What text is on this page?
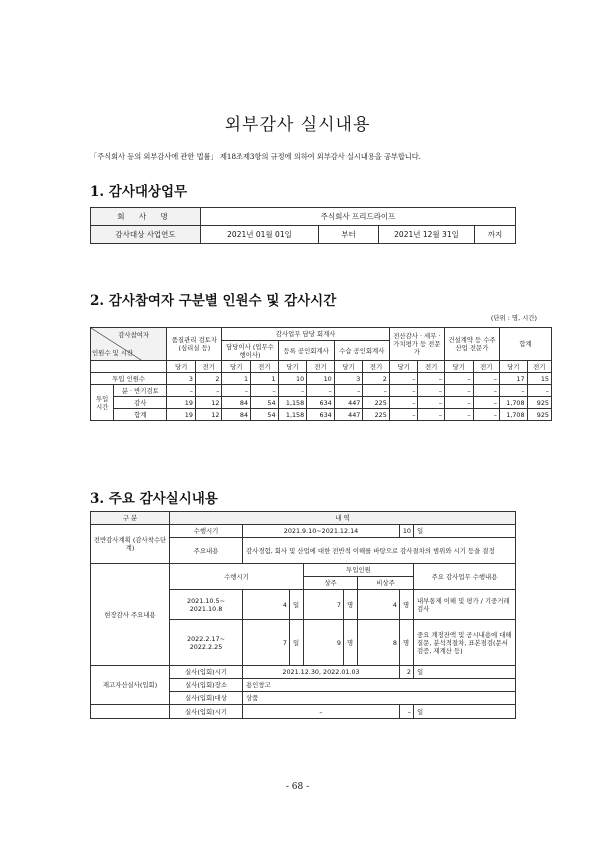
외부감사 실시내용
「주식회사 등의 외부감사에 관한 법률」 제18조제3항의 규정에 의하여 외부감사 실시내용을 공부합니다.
1. 감사대상업무
회 사 명	주식회사 프리드라이프			
감사대상 사업연도	2021년 01월 01일	부터	2021년 12월 31일	까지
2. 감사참여자 구분별 인원수 및 감사시간
(단위 : 명, 시간)
감사참여자
인원수 및 시간		품질관리 검토자 (심리실 등)		감사업무 담당 회계사						전산감사 · 세무 · 가치평가 등 전문가		건설계약 등 수주산업 전문가		합계	
				담당이사 (업무수행이사)		등록 공인회계사		수습 공인회계사							

		당기	전기	당기	전기	당기	전기	당기	전기	당기	전기	당기	전기	당기	전기
투입 인원수		3	2	1	1	10	10	3	2	–	–	–	–	17	15
투입 시간	분 · 반기검토	–	–	–	–	–	–	–	–	–	–	–	–	–	–
	감사	19	12	84	54	1,158	634	447	225	–	–	–	–	1,708	925
	합계	19	12	84	54	1,158	634	447	225	–	–	–	–	1,708	925
3. 주요 감사실시내용
구 분	내 역							
전반감사계획 (감사착수단계)	수행시기	2021.9.10~2021.12.14					10	일
	주요내용	감사경험, 회사 및 산업에 대한 전반적 이해를 바탕으로 감사절차의 범위와 시기 등을 결정						
현장감사 주요내용	수행시기			투입인원				주요 감사업무 수행내용
				상주		비상주		
	2021.10.5~ 2021.10.8	4	일	7	명	4	명	내부통제 이해 및 평가 / 기중거래 검사
	2022.2.17~ 2022.2.25	7	일	9	명	8	명	중요 계정잔액 및 공시내용에 대해 질문, 분석적절차, 표본점검(문서검증, 재계산 등)
재고자산실사(입회)	실사(입회)시기	2021.12.30, 2022.01.03					2	일
	실사(입회)장소	용인창고						
	실사(입회)대상	상품						
	실사(입회)시기	–					–	일
- 68 -
